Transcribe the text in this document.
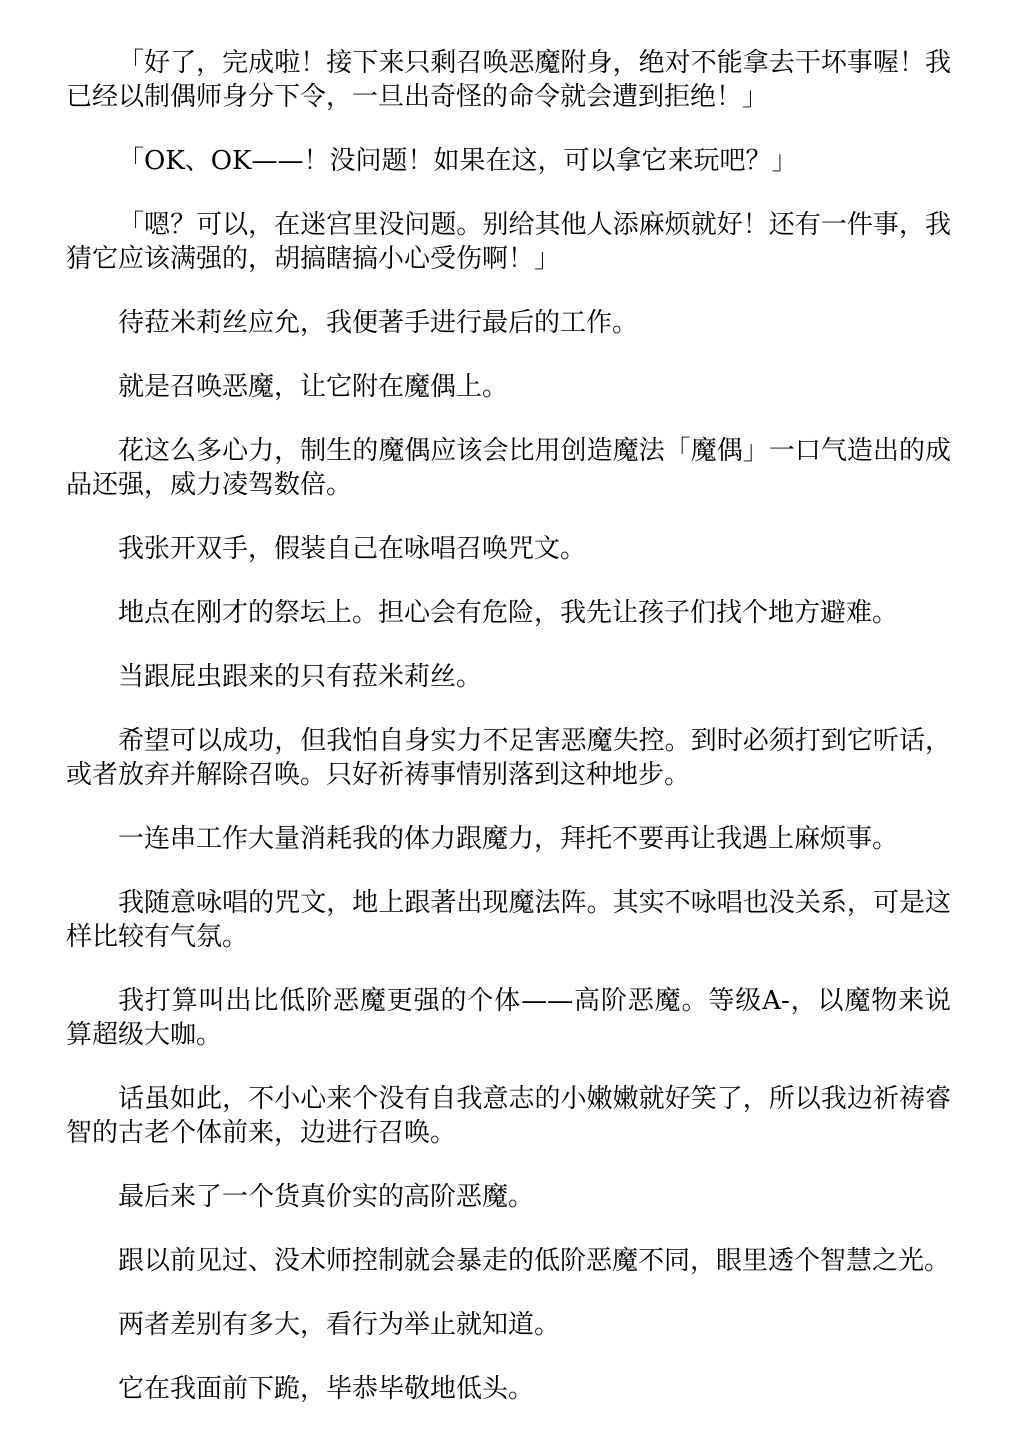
「好了，完成啦！接下来只剩召唤恶魔附身，绝对不能拿去干坏事喔！我已经以制偶师身分下令，一旦出奇怪的命令就会遭到拒绝！」

「OK、OK——！没问题！如果在这，可以拿它来玩吧？」

「嗯？可以，在迷宫里没问题。别给其他人添麻烦就好！还有一件事，我猜它应该满强的，胡搞瞎搞小心受伤啊！」

待菈米莉丝应允，我便著手进行最后的工作。

就是召唤恶魔，让它附在魔偶上。

花这么多心力，制生的魔偶应该会比用创造魔法「魔偶」一口气造出的成品还强，威力凌驾数倍。

我张开双手，假装自己在咏唱召唤咒文。

地点在刚才的祭坛上。担心会有危险，我先让孩子们找个地方避难。

当跟屁虫跟来的只有菈米莉丝。

希望可以成功，但我怕自身实力不足害恶魔失控。到时必须打到它听话，或者放弃并解除召唤。只好祈祷事情别落到这种地步。

一连串工作大量消耗我的体力跟魔力，拜托不要再让我遇上麻烦事。

我随意咏唱的咒文，地上跟著出现魔法阵。其实不咏唱也没关系，可是这样比较有气氛。

我打算叫出比低阶恶魔更强的个体——高阶恶魔。等级A-，以魔物来说算超级大咖。

话虽如此，不小心来个没有自我意志的小嫩嫩就好笑了，所以我边祈祷睿智的古老个体前来，边进行召唤。

最后来了一个货真价实的高阶恶魔。

跟以前见过、没术师控制就会暴走的低阶恶魔不同，眼里透个智慧之光。

两者差别有多大，看行为举止就知道。

它在我面前下跪，毕恭毕敬地低头。
